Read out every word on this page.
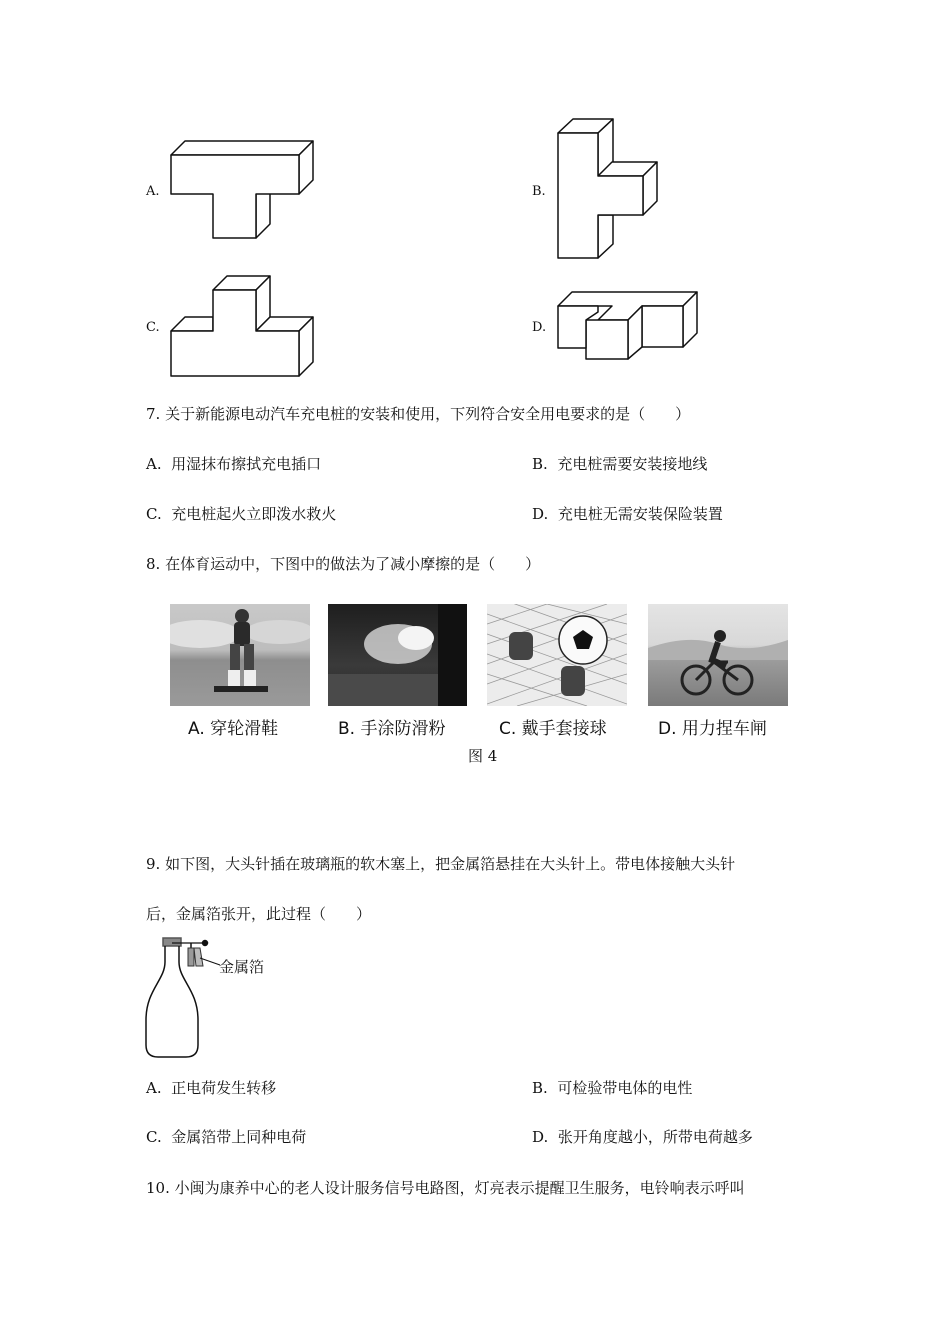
A.	B.
C.	D.
7. 关于新能源电动汽车充电桩的安装和使用，下列符合安全用电要求的是（　　）
A. 用湿抹布擦拭充电插口	B. 充电桩需要安装接地线
C. 充电桩起火立即泼水救火	D. 充电桩无需安装保险装置
8. 在体育运动中，下图中的做法为了减小摩擦的是（　　）
A. 穿轮滑鞋	B. 手涂防滑粉	C. 戴手套接球	D. 用力捏车闸
图 4
9. 如下图，大头针插在玻璃瓶的软木塞上，把金属箔悬挂在大头针上。带电体接触大头针
后，金属箔张开，此过程（　　）
金属箔
A. 正电荷发生转移	B. 可检验带电体的电性
C. 金属箔带上同种电荷	D. 张开角度越小，所带电荷越多
10. 小闽为康养中心的老人设计服务信号电路图，灯亮表示提醒卫生服务，电铃响表示呼叫
